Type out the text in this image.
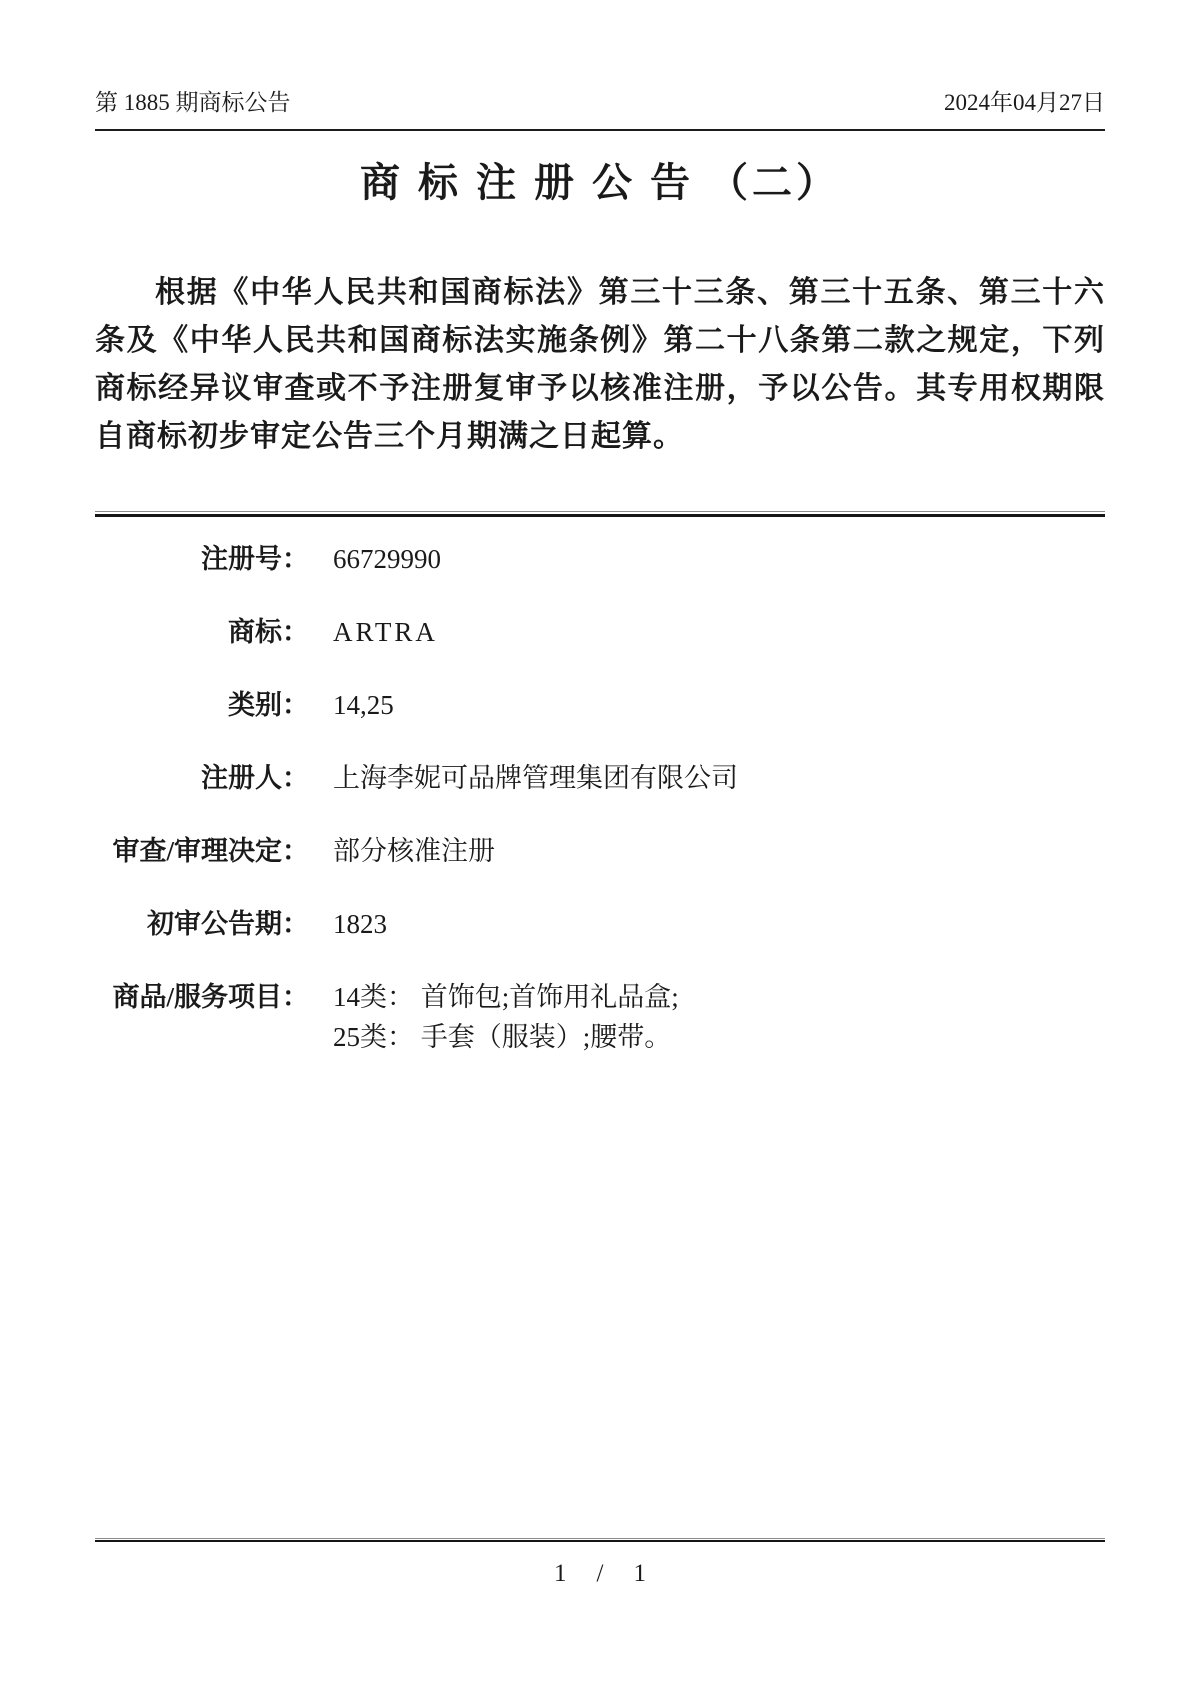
第 1885 期商标公告	2024年04月27日
商 标 注 册 公 告 （二）

根据《中华人民共和国商标法》第三十三条、第三十五条、第三十六条及《中华人民共和国商标法实施条例》第二十八条第二款之规定，下列商标经异议审查或不予注册复审予以核准注册，予以公告。其专用权期限自商标初步审定公告三个月期满之日起算。

注册号： 66729990
商标： ARTRA
类别： 14,25
注册人： 上海李妮可品牌管理集团有限公司
审查/审理决定： 部分核准注册
初审公告期： 1823
商品/服务项目： 14类： 首饰包;首饰用礼品盒;
25类： 手套（服装）;腰带。
1 / 1
